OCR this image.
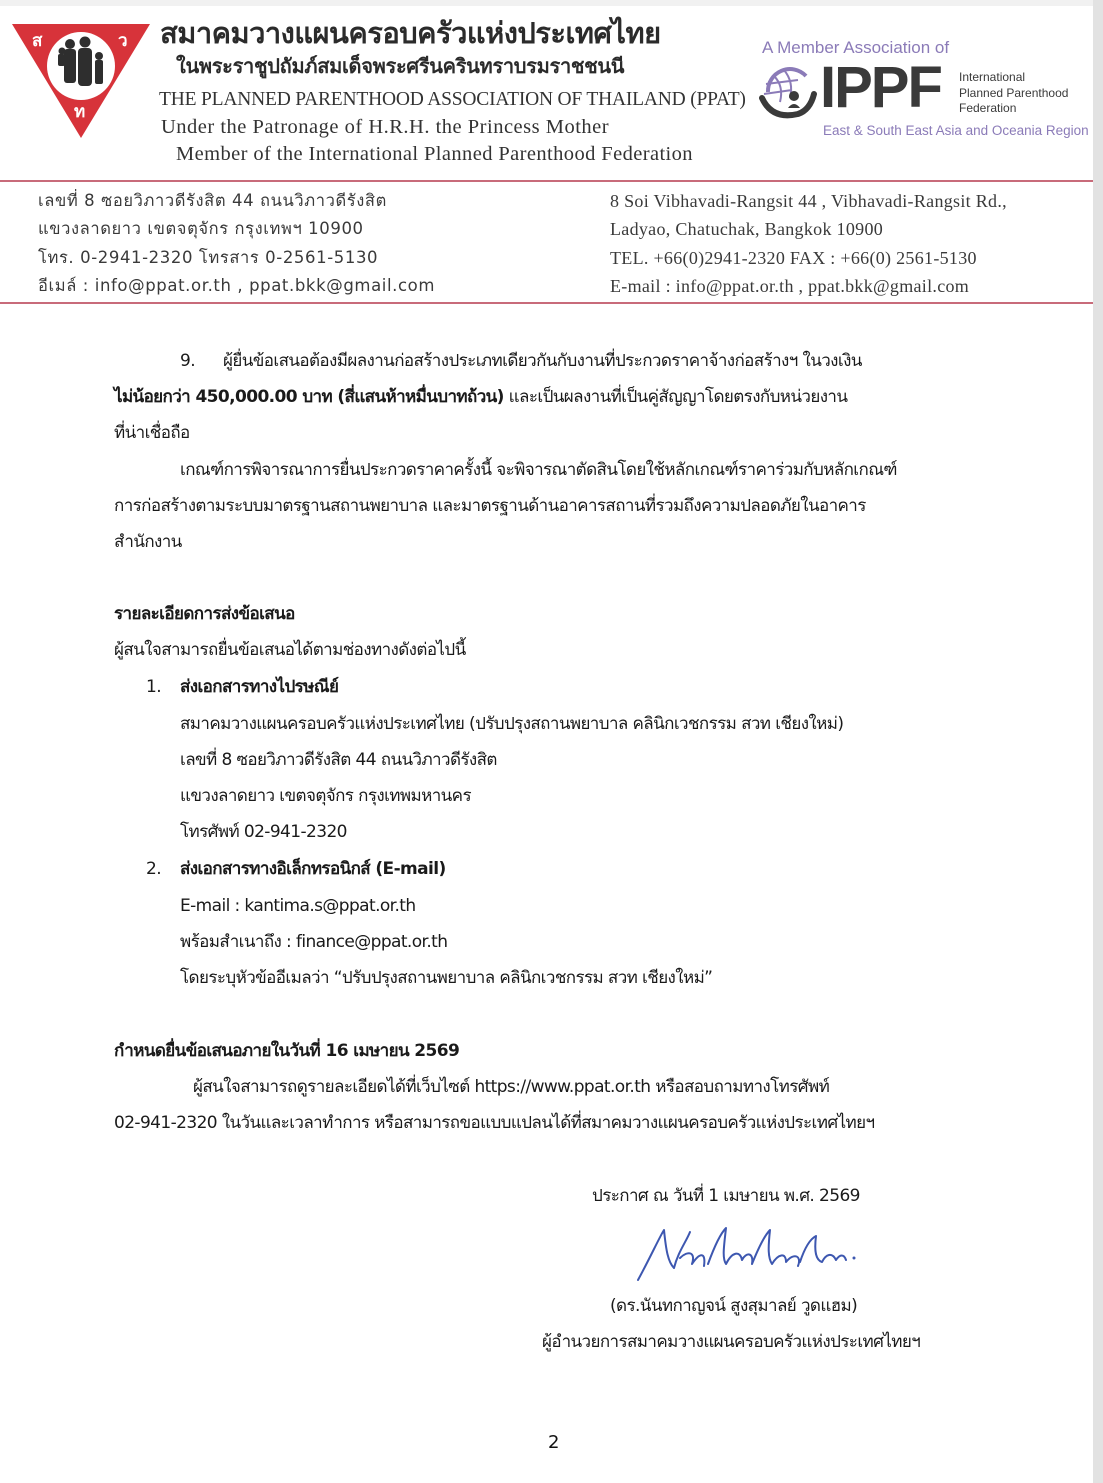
ส	ว
ท
สมาคมวางแผนครอบครัวแห่งประเทศไทย
ในพระราชูปถัมภ์สมเด็จพระศรีนครินทราบรมราชชนนี
THE PLANNED PARENTHOOD ASSOCIATION OF THAILAND (PPAT)
Under the Patronage of H.R.H. the Princess Mother
Member of the International Planned Parenthood Federation
A Member Association of
IPPF International
Planned Parenthood
Federation
East & South East Asia and Oceania Region
เลขที่ 8 ซอยวิภาวดีรังสิต 44 ถนนวิภาวดีรังสิต
แขวงลาดยาว เขตจตุจักร กรุงเทพฯ 10900
โทร. 0-2941-2320 โทรสาร 0-2561-5130
อีเมล์ : info@ppat.or.th , ppat.bkk@gmail.com
8 Soi Vibhavadi-Rangsit 44 , Vibhavadi-Rangsit Rd.,
Ladyao, Chatuchak, Bangkok 10900
TEL. +66(0)2941-2320 FAX : +66(0) 2561-5130
E-mail : info@ppat.or.th , ppat.bkk@gmail.com
9. ผู้ยื่นข้อเสนอต้องมีผลงานก่อสร้างประเภทเดียวกันกับงานที่ประกวดราคาจ้างก่อสร้างฯ ในวงเงิน
ไม่น้อยกว่า 450,000.00 บาท (สี่แสนห้าหมื่นบาทถ้วน) และเป็นผลงานที่เป็นคู่สัญญาโดยตรงกับหน่วยงาน
ที่น่าเชื่อถือ
เกณฑ์การพิจารณาการยื่นประกวดราคาครั้งนี้ จะพิจารณาตัดสินโดยใช้หลักเกณฑ์ราคาร่วมกับหลักเกณฑ์
การก่อสร้างตามระบบมาตรฐานสถานพยาบาล และมาตรฐานด้านอาคารสถานที่รวมถึงความปลอดภัยในอาคาร
สำนักงาน
รายละเอียดการส่งข้อเสนอ
ผู้สนใจสามารถยื่นข้อเสนอได้ตามช่องทางดังต่อไปนี้
1. ส่งเอกสารทางไปรษณีย์
สมาคมวางแผนครอบครัวแห่งประเทศไทย (ปรับปรุงสถานพยาบาล คลินิกเวชกรรม สวท เชียงใหม่)
เลขที่ 8 ซอยวิภาวดีรังสิต 44 ถนนวิภาวดีรังสิต
แขวงลาดยาว เขตจตุจักร กรุงเทพมหานคร
โทรศัพท์ 02-941-2320
2. ส่งเอกสารทางอิเล็กทรอนิกส์ (E-mail)
E-mail : kantima.s@ppat.or.th
พร้อมสำเนาถึง : finance@ppat.or.th
โดยระบุหัวข้ออีเมลว่า “ปรับปรุงสถานพยาบาล คลินิกเวชกรรม สวท เชียงใหม่”
กำหนดยื่นข้อเสนอภายในวันที่ 16 เมษายน 2569
ผู้สนใจสามารถดูรายละเอียดได้ที่เว็บไซต์ https://www.ppat.or.th หรือสอบถามทางโทรศัพท์
02-941-2320 ในวันและเวลาทำการ หรือสามารถขอแบบแปลนได้ที่สมาคมวางแผนครอบครัวแห่งประเทศไทยฯ
ประกาศ ณ วันที่ 1 เมษายน พ.ศ. 2569
(ดร.นันทกาญจน์ สูงสุมาลย์ วูดแฮม)
ผู้อำนวยการสมาคมวางแผนครอบครัวแห่งประเทศไทยฯ
2
